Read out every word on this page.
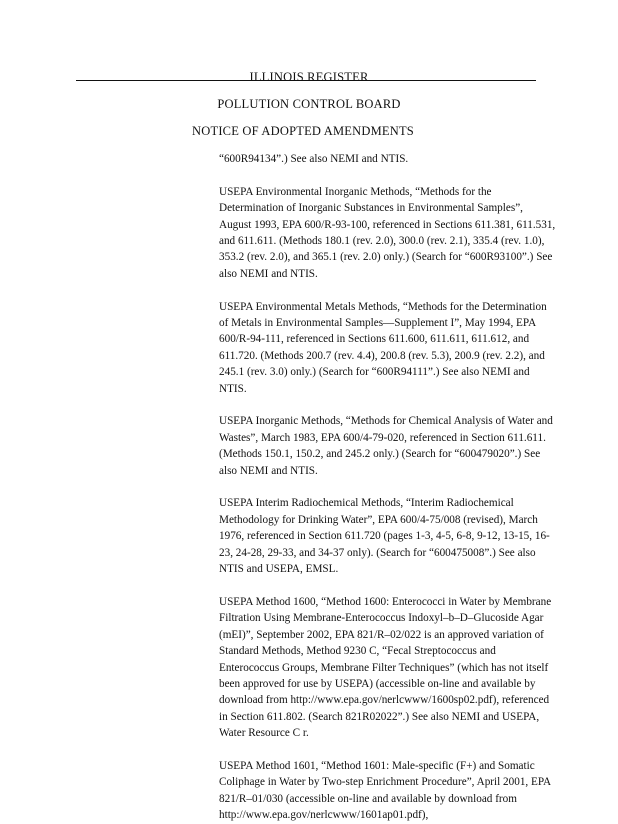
ILLINOIS REGISTER
POLLUTION CONTROL BOARD
NOTICE OF ADOPTED AMENDMENTS

“600R94134”.) See also NEMI and NTIS.

USEPA Environmental Inorganic Methods, “Methods for the Determination of Inorganic Substances in Environmental Samples”, August 1993, EPA 600/R-93-100, referenced in Sections 611.381, 611.531, and 611.611. (Methods 180.1 (rev. 2.0), 300.0 (rev. 2.1), 335.4 (rev. 1.0), 353.2 (rev. 2.0), and 365.1 (rev. 2.0) only.) (Search for “600R93100”.) See also NEMI and NTIS.

USEPA Environmental Metals Methods, “Methods for the Determination of Metals in Environmental Samples—Supplement I”, May 1994, EPA 600/R-94-111, referenced in Sections 611.600, 611.611, 611.612, and 611.720. (Methods 200.7 (rev. 4.4), 200.8 (rev. 5.3), 200.9 (rev. 2.2), and 245.1 (rev. 3.0) only.) (Search for “600R94111”.) See also NEMI and NTIS.

USEPA Inorganic Methods, “Methods for Chemical Analysis of Water and Wastes”, March 1983, EPA 600/4-79-020, referenced in Section 611.611. (Methods 150.1, 150.2, and 245.2 only.) (Search for “600479020”.) See also NEMI and NTIS.

USEPA Interim Radiochemical Methods, “Interim Radiochemical Methodology for Drinking Water”, EPA 600/4-75/008 (revised), March 1976, referenced in Section 611.720 (pages 1-3, 4-5, 6-8, 9-12, 13-15, 16-23, 24-28, 29-33, and 34-37 only). (Search for “600475008”.) See also NTIS and USEPA, EMSL.

USEPA Method 1600, “Method 1600: Enterococci in Water by Membrane Filtration Using Membrane-Enterococcus Indoxyl–b–D–Glucoside Agar (mEI)”, September 2002, EPA 821/R–02/022 is an approved variation of Standard Methods, Method 9230 C, “Fecal Streptococcus and Enterococcus Groups, Membrane Filter Techniques” (which has not itself been approved for use by USEPA) (accessible on-line and available by download from http://www.epa.gov/nerlcwww/1600sp02.pdf), referenced in Section 611.802. (Search 821R02022”.) See also NEMI and USEPA, Water Resource C r.

USEPA Method 1601, “Method 1601: Male-specific (F+) and Somatic Coliphage in Water by Two-step Enrichment Procedure”, April 2001, EPA 821/R–01/030 (accessible on-line and available by download from http://www.epa.gov/nerlcwww/1601ap01.pdf),
